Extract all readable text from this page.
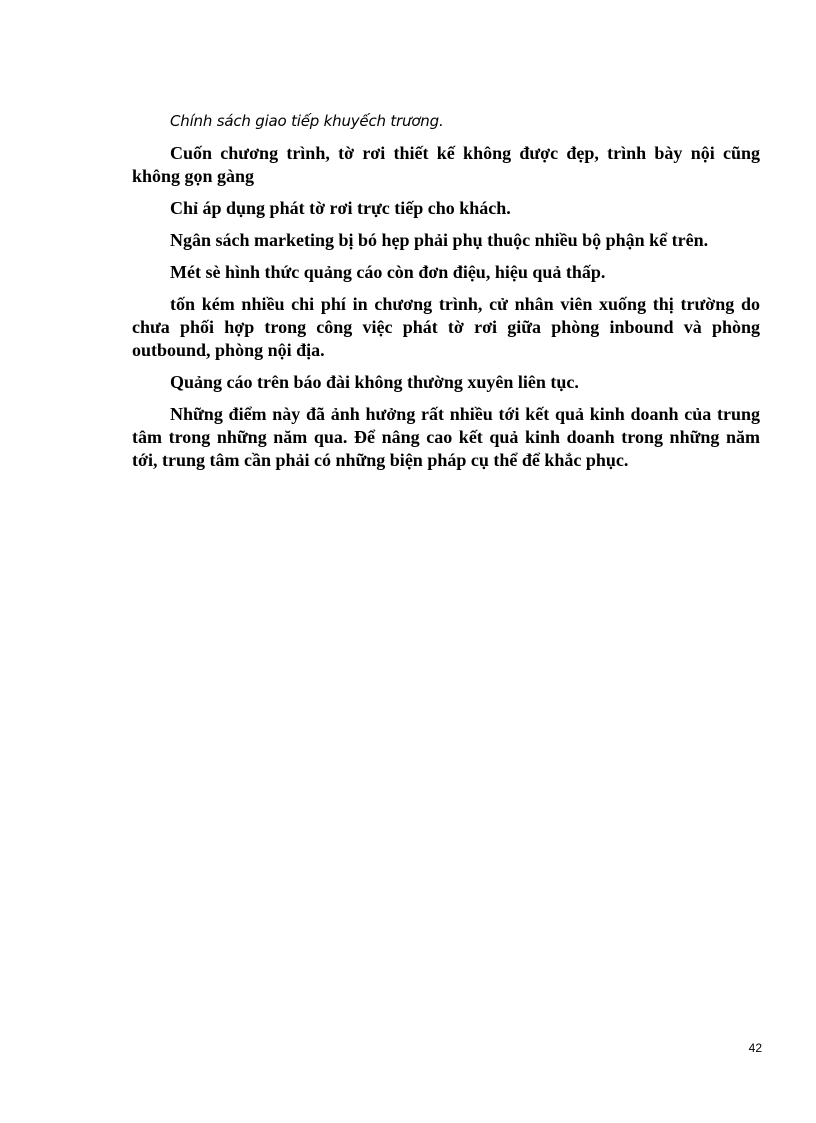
Chính sách giao tiếp khuyếch trương.

Cuốn chương trình, tờ rơi thiết kế không được đẹp, trình bày nội cũng không gọn gàng

Chỉ áp dụng phát tờ rơi trực tiếp cho khách.

Ngân sách marketing bị bó hẹp phải phụ thuộc nhiều bộ phận kể trên.

Mét sè hình thức quảng cáo còn đơn điệu, hiệu quả thấp.

tốn kém nhiều chi phí in chương trình, cử nhân viên xuống thị trường do chưa phối hợp trong công việc phát tờ rơi giữa phòng inbound và phòng outbound, phòng nội địa.

Quảng cáo trên báo đài không thường xuyên liên tục.

Những điểm này đã ảnh hưởng rất nhiều tới kết quả kinh doanh của trung tâm trong những năm qua. Để nâng cao kết quả kinh doanh trong những năm tới, trung tâm cần phải có những biện pháp cụ thể để khắc phục.

42
